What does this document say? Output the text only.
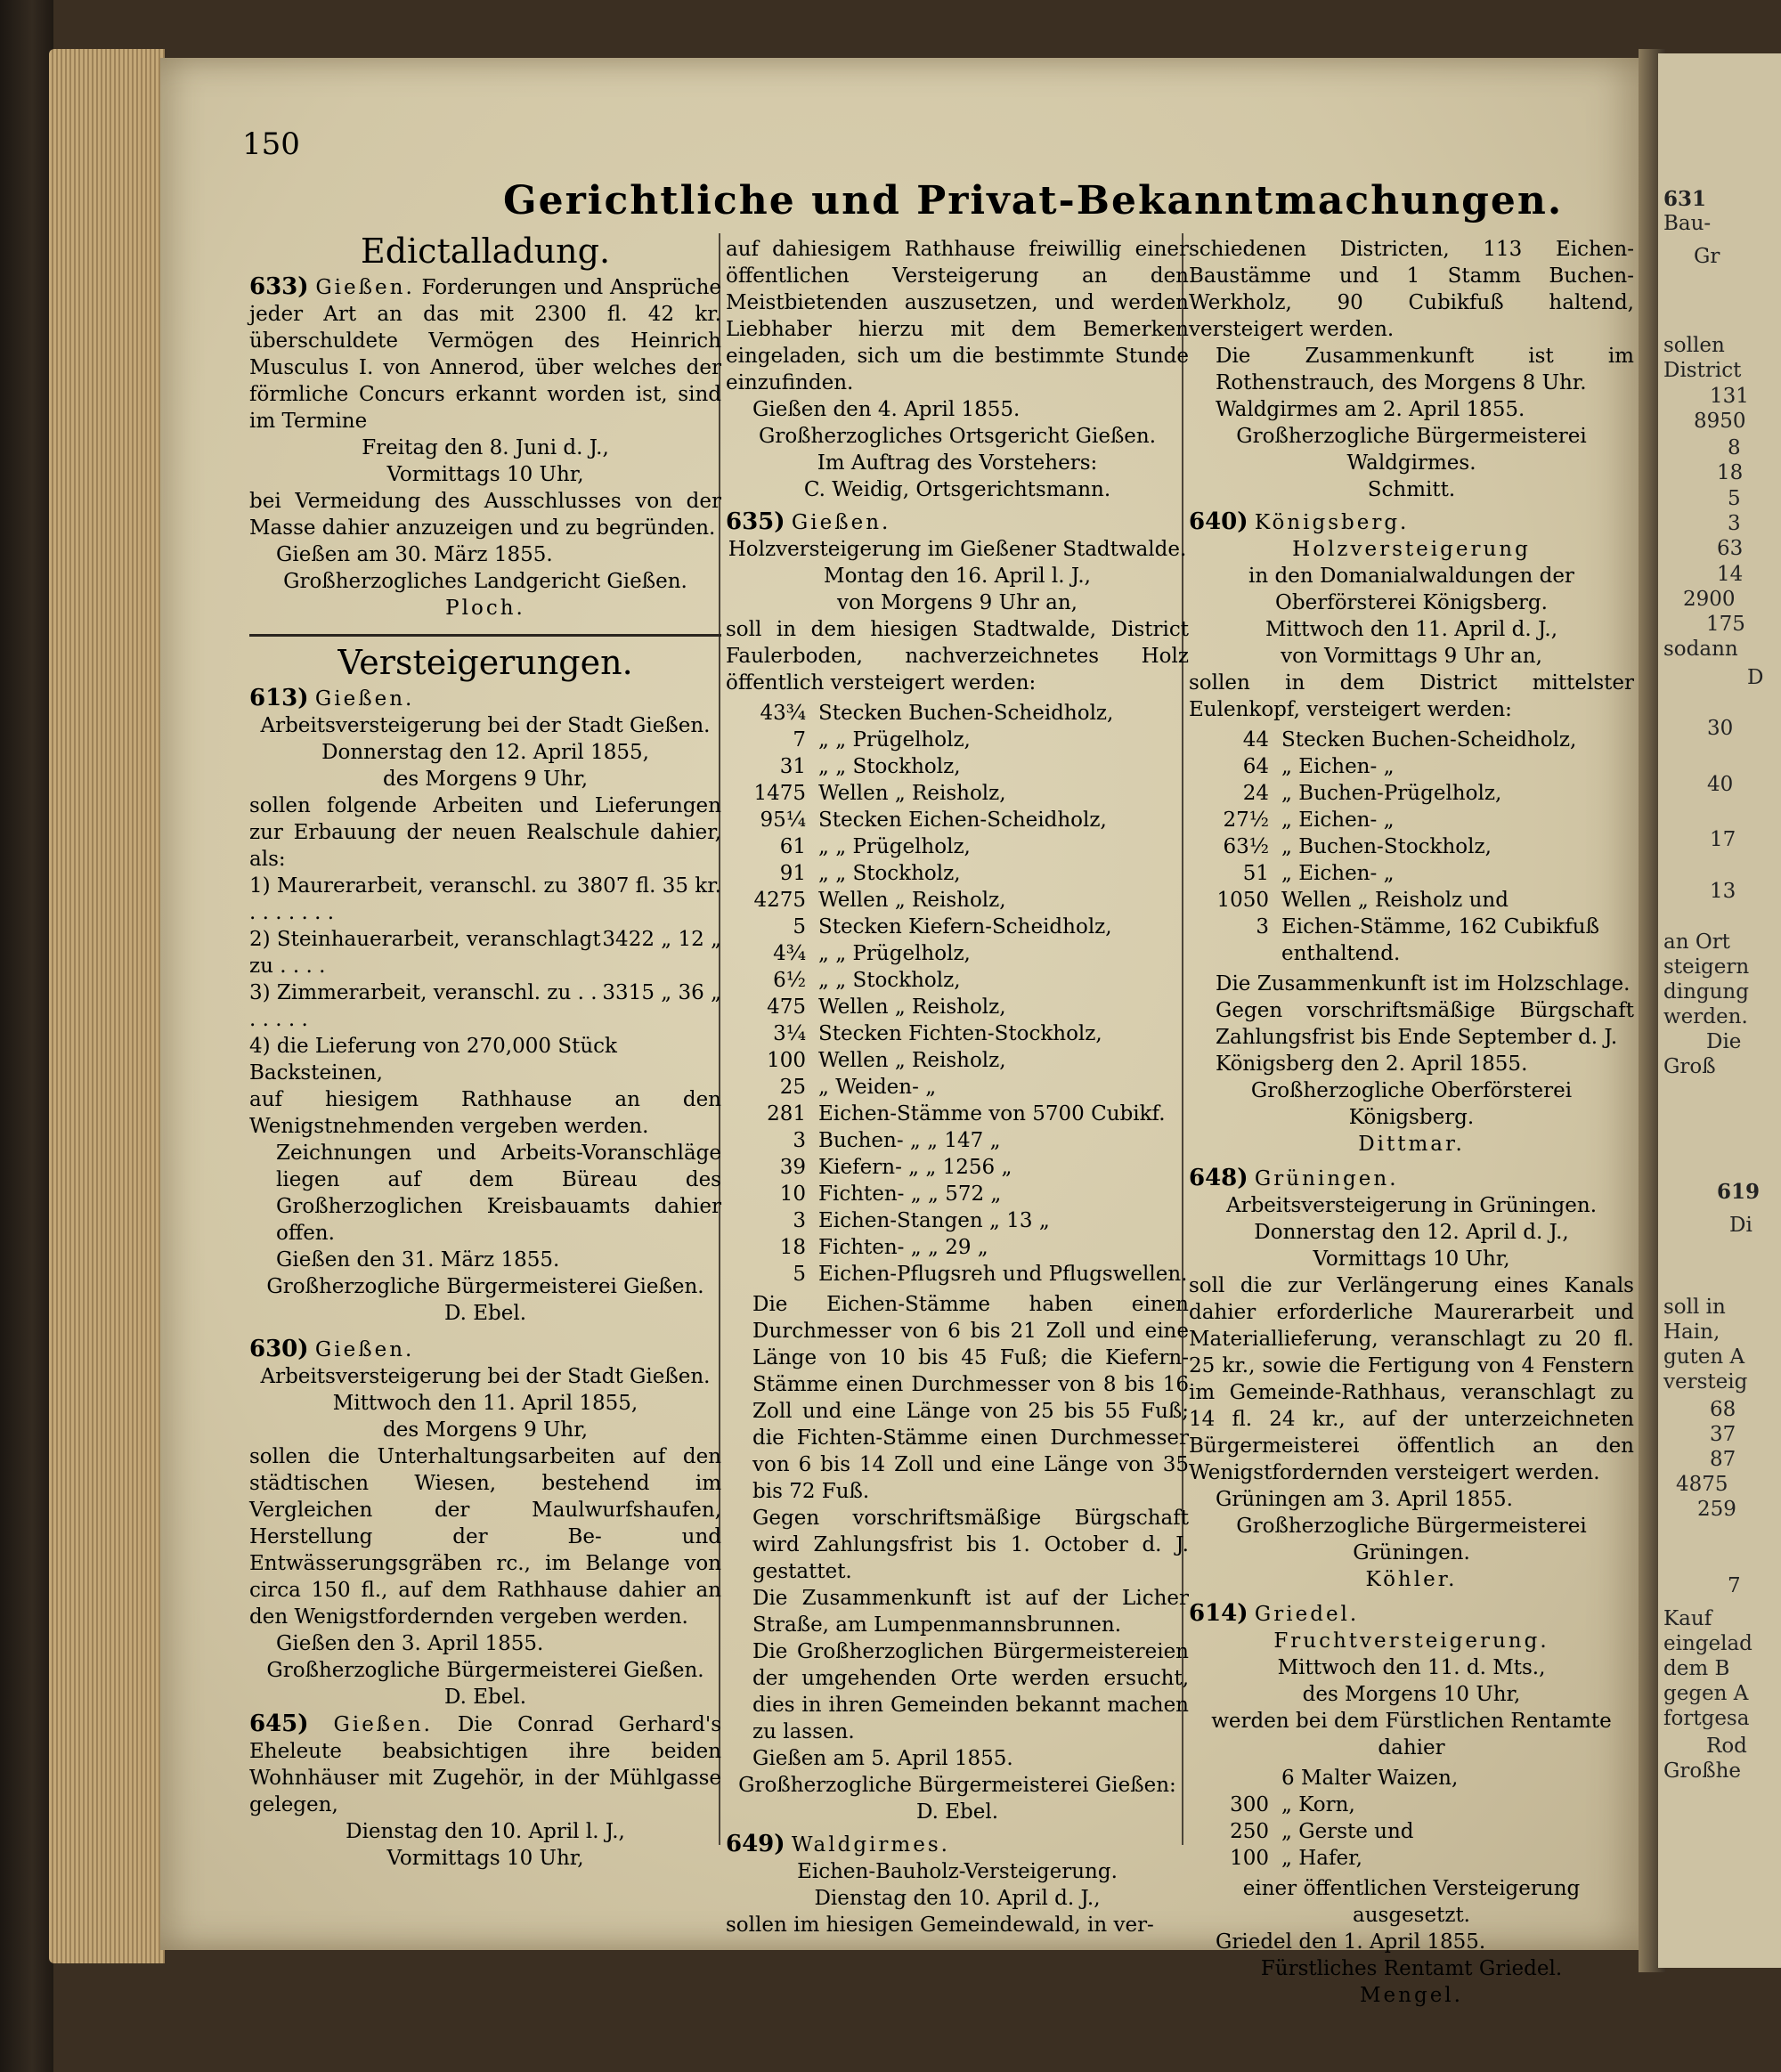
150
Gerichtliche und Privat-Bekanntmachungen.
Edictalladung.

633) Gießen. Forderungen und Ansprüche jeder Art an das mit 2300 fl. 42 kr. überschuldete Vermögen des Heinrich Musculus I. von Annerod, über welches der förmliche Concurs erkannt worden ist, sind im Termine

Freitag den 8. Juni d. J.,

Vormittags 10 Uhr,

bei Vermeidung des Ausschlusses von der Masse dahier anzuzeigen und zu begründen.

Gießen am 30. März 1855.

Großherzogliches Landgericht Gießen.

Ploch.

Versteigerungen.

613) Gießen.

Arbeitsversteigerung bei der Stadt Gießen.

Donnerstag den 12. April 1855,

des Morgens 9 Uhr,

sollen folgende Arbeiten und Lieferungen zur Erbauung der neuen Realschule dahier, als:

1) Maurerarbeit, veranschl. zu . . . . . . .
3807 fl. 35 kr.
2) Steinhauerarbeit, veranschlagt zu . . . .
3422 „ 12 „
3) Zimmerarbeit, veranschl. zu . . . . . . .
3315 „ 36 „
4) die Lieferung von 270,000 Stück Backsteinen,

auf hiesigem Rathhause an den Wenigstnehmenden vergeben werden.

Zeichnungen und Arbeits-Voranschläge liegen auf dem Büreau des Großherzoglichen Kreisbauamts dahier offen.

Gießen den 31. März 1855.

Großherzogliche Bürgermeisterei Gießen.

D. Ebel.

630) Gießen.

Arbeitsversteigerung bei der Stadt Gießen.

Mittwoch den 11. April 1855,

des Morgens 9 Uhr,

sollen die Unterhaltungsarbeiten auf den städtischen Wiesen, bestehend im Vergleichen der Maulwurfshaufen, Herstellung der Be- und Entwässerungsgräben rc., im Belange von circa 150 fl., auf dem Rathhause dahier an den Wenigstfordernden vergeben werden.

Gießen den 3. April 1855.

Großherzogliche Bürgermeisterei Gießen.

D. Ebel.

645) Gießen. Die Conrad Gerhard's Eheleute beabsichtigen ihre beiden Wohnhäuser mit Zugehör, in der Mühlgasse gelegen,

Dienstag den 10. April l. J.,

Vormittags 10 Uhr,

auf dahiesigem Rathhause freiwillig einer öffentlichen Versteigerung an den Meistbietenden auszusetzen, und werden Liebhaber hierzu mit dem Bemerken eingeladen, sich um die bestimmte Stunde einzufinden.

Gießen den 4. April 1855.

Großherzogliches Ortsgericht Gießen.

Im Auftrag des Vorstehers:

C. Weidig, Ortsgerichtsmann.

635) Gießen.

Holzversteigerung im Gießener Stadtwalde.

Montag den 16. April l. J.,

von Morgens 9 Uhr an,

soll in dem hiesigen Stadtwalde, District Faulerboden, nachverzeichnetes Holz öffentlich versteigert werden:

43¾ Stecken Buchen-Scheidholz,
7 „ „ Prügelholz,
31 „ „ Stockholz,
1475 Wellen „ Reisholz,
95¼ Stecken Eichen-Scheidholz,
61 „ „ Prügelholz,
91 „ „ Stockholz,
4275 Wellen „ Reisholz,
5 Stecken Kiefern-Scheidholz,
4¾ „ „ Prügelholz,
6½ „ „ Stockholz,
475 Wellen „ Reisholz,
3¼ Stecken Fichten-Stockholz,
100 Wellen „ Reisholz,
25 „ Weiden- „
281 Eichen-Stämme von 5700 Cubikf.
3 Buchen- „ „ 147 „
39 Kiefern- „ „ 1256 „
10 Fichten- „ „ 572 „
3 Eichen-Stangen „ 13 „
18 Fichten- „ „ 29 „
5 Eichen-Pflugsreh und Pflugswellen.

Die Eichen-Stämme haben einen Durchmesser von 6 bis 21 Zoll und eine Länge von 10 bis 45 Fuß; die Kiefern-Stämme einen Durchmesser von 8 bis 16 Zoll und eine Länge von 25 bis 55 Fuß; die Fichten-Stämme einen Durchmesser von 6 bis 14 Zoll und eine Länge von 35 bis 72 Fuß.

Gegen vorschriftsmäßige Bürgschaft wird Zahlungsfrist bis 1. October d. J. gestattet.

Die Zusammenkunft ist auf der Licher Straße, am Lumpenmannsbrunnen.

Die Großherzoglichen Bürgermeistereien der umgehenden Orte werden ersucht, dies in ihren Gemeinden bekannt machen zu lassen.

Gießen am 5. April 1855.

Großherzogliche Bürgermeisterei Gießen:

D. Ebel.

649) Waldgirmes.

Eichen-Bauholz-Versteigerung.

Dienstag den 10. April d. J.,

sollen im hiesigen Gemeindewald, in ver-

schiedenen Districten, 113 Eichen-Baustämme und 1 Stamm Buchen-Werkholz, 90 Cubikfuß haltend, versteigert werden.

Die Zusammenkunft ist im Rothenstrauch, des Morgens 8 Uhr.

Waldgirmes am 2. April 1855.

Großherzogliche Bürgermeisterei Waldgirmes.

Schmitt.

640) Königsberg.

Holzversteigerung

in den Domanialwaldungen der Oberförsterei Königsberg.

Mittwoch den 11. April d. J.,

von Vormittags 9 Uhr an,

sollen in dem District mittelster Eulenkopf, versteigert werden:

44 Stecken Buchen-Scheidholz,
64 „ Eichen- „
24 „ Buchen-Prügelholz,
27½ „ Eichen- „
63½ „ Buchen-Stockholz,
51 „ Eichen- „
1050 Wellen „ Reisholz und
3 Eichen-Stämme, 162 Cubikfuß enthaltend.

Die Zusammenkunft ist im Holzschlage.

Gegen vorschriftsmäßige Bürgschaft Zahlungsfrist bis Ende September d. J.

Königsberg den 2. April 1855.

Großherzogliche Oberförsterei Königsberg.

Dittmar.

648) Grüningen.

Arbeitsversteigerung in Grüningen.

Donnerstag den 12. April d. J.,

Vormittags 10 Uhr,

soll die zur Verlängerung eines Kanals dahier erforderliche Maurerarbeit und Materiallieferung, veranschlagt zu 20 fl. 25 kr., sowie die Fertigung von 4 Fenstern im Gemeinde-Rathhaus, veranschlagt zu 14 fl. 24 kr., auf der unterzeichneten Bürgermeisterei öffentlich an den Wenigstfordernden versteigert werden.

Grüningen am 3. April 1855.

Großherzogliche Bürgermeisterei Grüningen.

Köhler.

614) Griedel.

Fruchtversteigerung.

Mittwoch den 11. d. Mts.,

des Morgens 10 Uhr,

werden bei dem Fürstlichen Rentamte dahier

6 Malter Waizen,
300 „ Korn,
250 „ Gerste und
100 „ Hafer,

einer öffentlichen Versteigerung ausgesetzt.

Griedel den 1. April 1855.

Fürstliches Rentamt Griedel.

Mengel.

631
Bau-
Gr
sollen
District
131
8950
8
18
5
3
63
14
2900
175
sodann
D
30
40
17
13
an Ort
steigern
dingung
werden.
Die
Groß
619
Di
soll in
Hain,
guten A
versteig
68
37
87
4875
259
7
Kauf
eingelad
dem B
gegen A
fortgesa
Rod
Großhe
